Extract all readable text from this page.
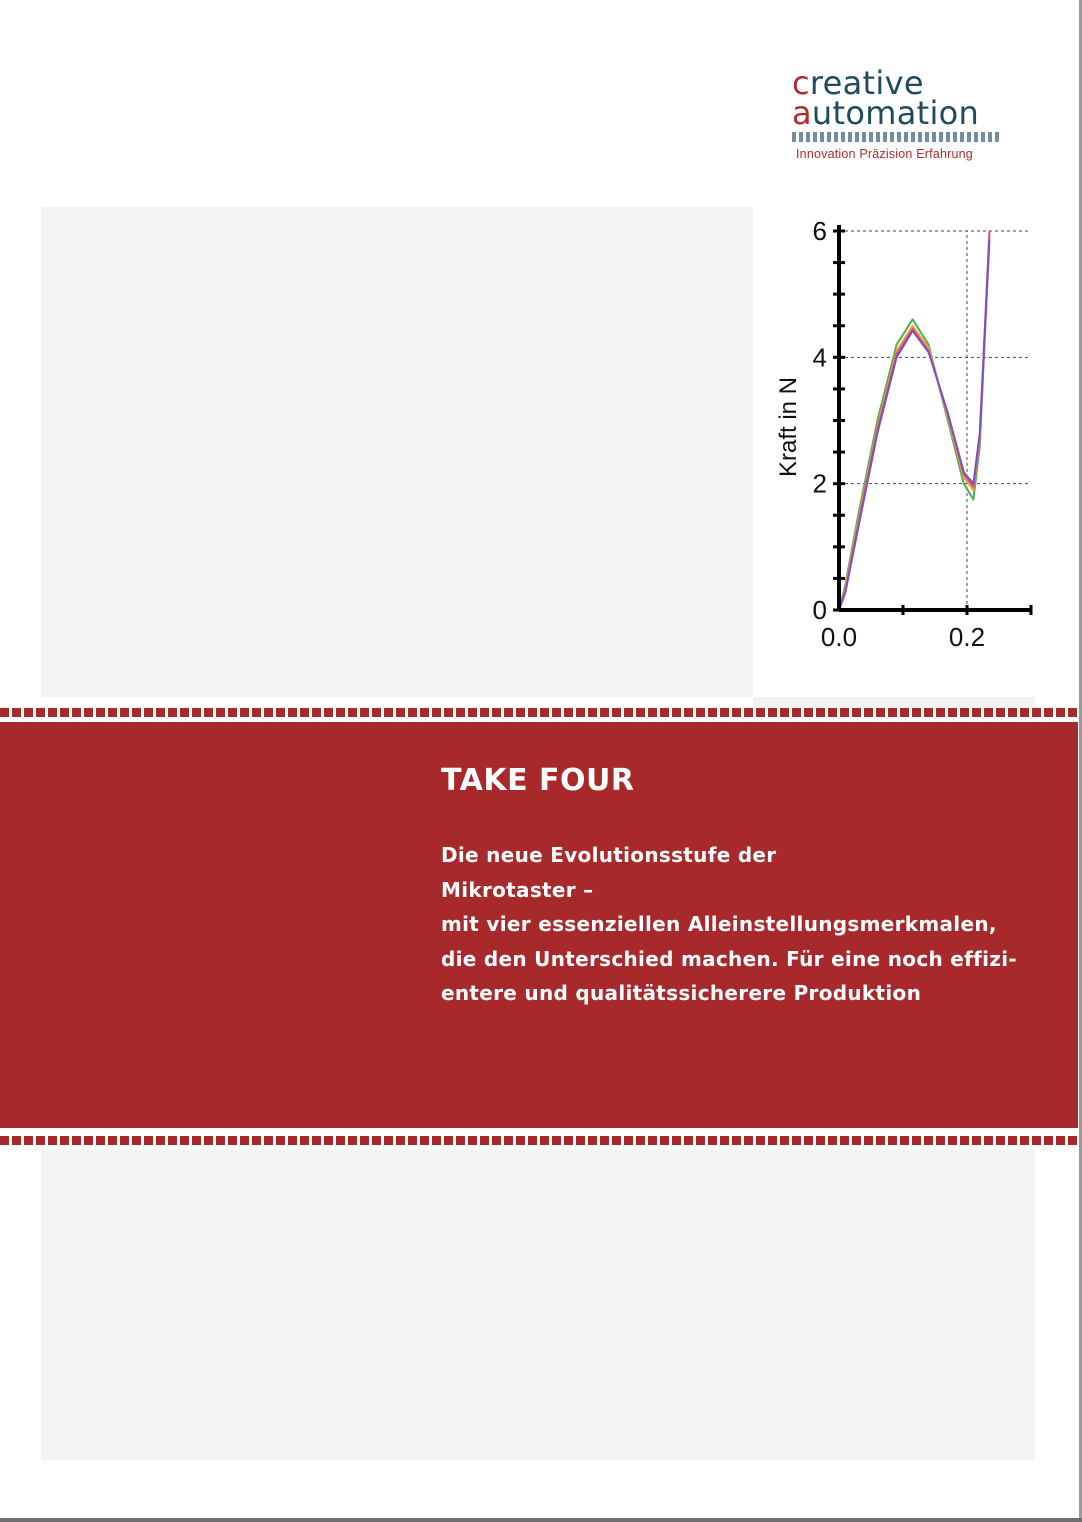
creative
automation
Innovation Präzision Erfahrung
0
2
4
6
0.0	0.2
Kraft in N
TAKE FOUR
Die neue Evolutionsstufe der
Mikrotaster –
mit vier essenziellen Alleinstellungsmerkmalen,
die den Unterschied machen. Für eine noch effizi-
entere und qualitätssicherere Produktion
